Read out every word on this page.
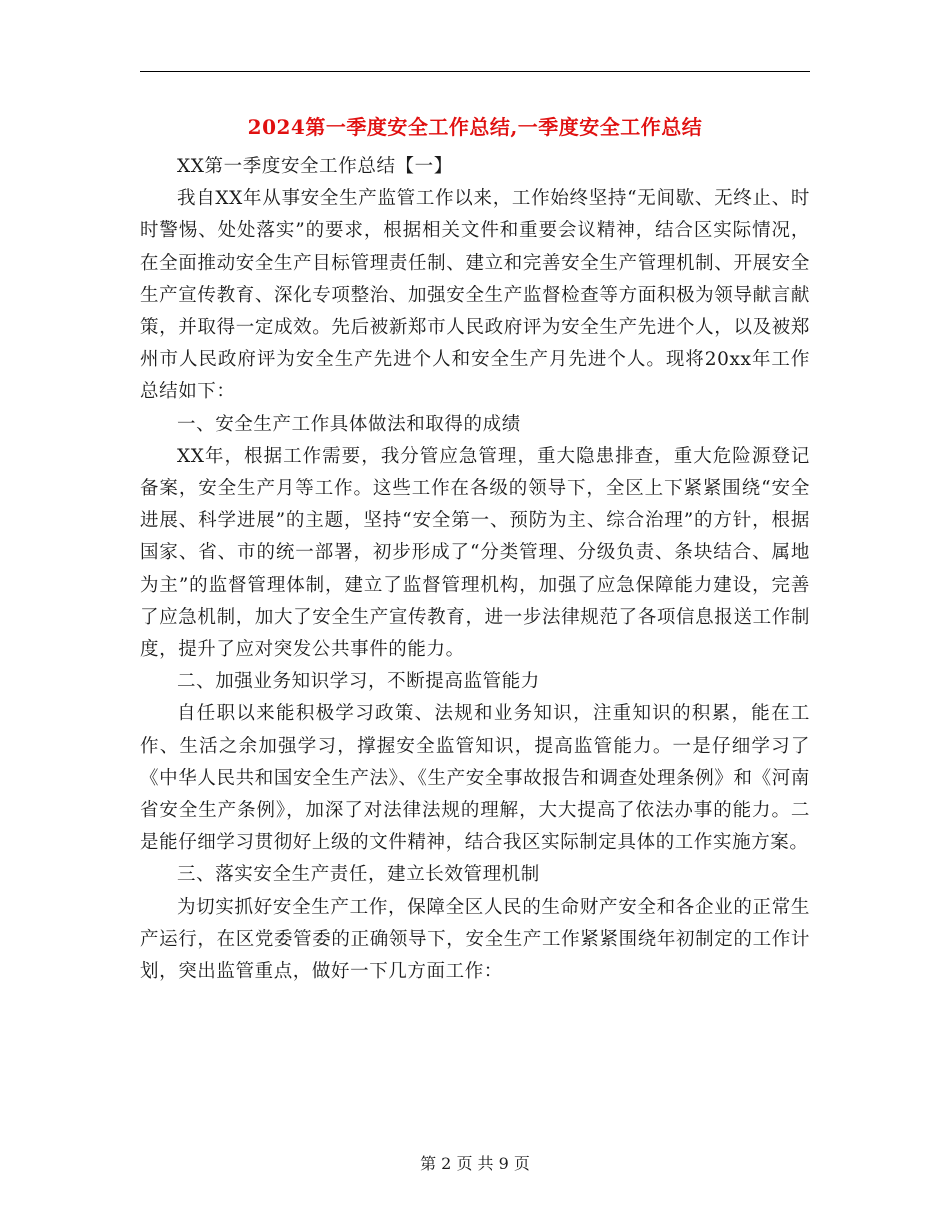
2024第一季度安全工作总结,一季度安全工作总结

XX第一季度安全工作总结【一】

我自XX年从事安全生产监管工作以来，工作始终坚持“无间歇、无终止、时时警惕、处处落实”的要求，根据相关文件和重要会议精神，结合区实际情况，在全面推动安全生产目标管理责任制、建立和完善安全生产管理机制、开展安全生产宣传教育、深化专项整治、加强安全生产监督检查等方面积极为领导献言献策，并取得一定成效。先后被新郑市人民政府评为安全生产先进个人，以及被郑州市人民政府评为安全生产先进个人和安全生产月先进个人。现将20xx年工作总结如下：

一、安全生产工作具体做法和取得的成绩

XX年，根据工作需要，我分管应急管理，重大隐患排查，重大危险源登记备案，安全生产月等工作。这些工作在各级的领导下，全区上下紧紧围绕“安全进展、科学进展”的主题，坚持“安全第一、预防为主、综合治理”的方针，根据国家、省、市的统一部署，初步形成了“分类管理、分级负责、条块结合、属地为主”的监督管理体制，建立了监督管理机构，加强了应急保障能力建设，完善了应急机制，加大了安全生产宣传教育，进一步法律规范了各项信息报送工作制度，提升了应对突发公共事件的能力。

二、加强业务知识学习，不断提高监管能力

自任职以来能积极学习政策、法规和业务知识，注重知识的积累，能在工作、生活之余加强学习，撑握安全监管知识，提高监管能力。一是仔细学习了《中华人民共和国安全生产法》、《生产安全事故报告和调查处理条例》和《河南省安全生产条例》，加深了对法律法规的理解，大大提高了依法办事的能力。二是能仔细学习贯彻好上级的文件精神，结合我区实际制定具体的工作实施方案。

三、落实安全生产责任，建立长效管理机制

为切实抓好安全生产工作，保障全区人民的生命财产安全和各企业的正常生产运行，在区党委管委的正确领导下，安全生产工作紧紧围绕年初制定的工作计划，突出监管重点，做好一下几方面工作：

第 2 页 共 9 页
